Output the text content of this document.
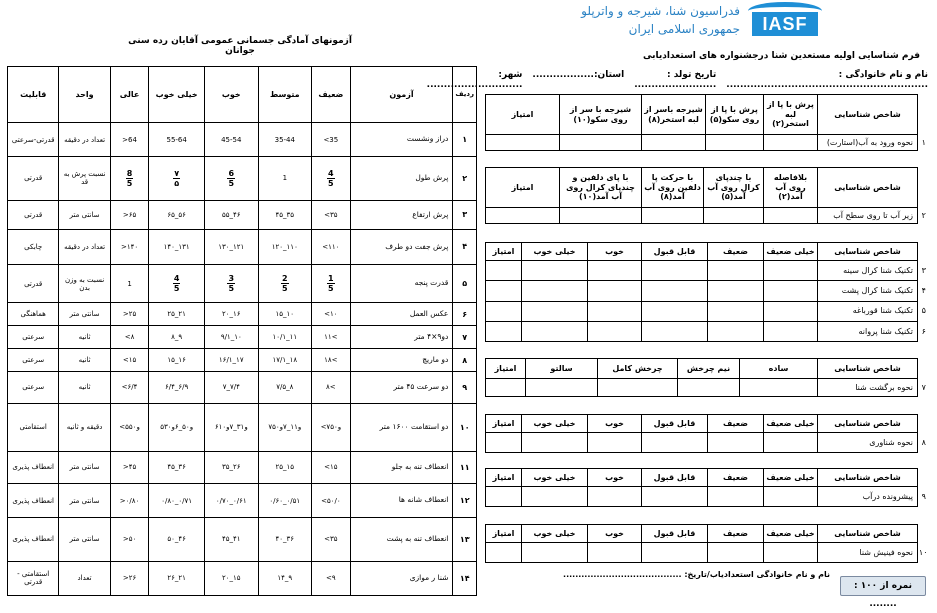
IASF
فدراسیون شنا، شیرجه و واترپلو
جمهوری اسلامی ایران
آزمونهای آمادگی جسمانی عمومی آقایان رده سنی جوانان
قابلیت	واحد	عالی	خیلی خوب	خوب	متوسط	ضعیف	آزمون	ردیف
قدرتی-سرعتی	تعداد در دقیقه	>64	55-64	45-54	35-44	<35	دراز ونشست	۱
قدرتی	نسبت پرش به قد	$\frac{8}{5}$	$\frac{۷}{۵}$	$\frac{6}{5}$	1	$\frac{4}{5}$	پرش طول	۲
قدرتی	سانتی متر	>۶۵	۶۵_۵۶	۵۵_۴۶	۴۵_۳۵	<۳۵	پرش ارتفاع	۳
چابکی	تعداد در دقیقه	>۱۴۰	۱۴۰_۱۳۱	۱۳۰_۱۲۱	۱۲۰_۱۱۰	<۱۱۰	پرش جفت دو طرف	۴
قدرتی	نسبت به وزن بدن	1	$\frac{4}{5}$	$\frac{3}{5}$	$\frac{2}{5}$	$\frac{1}{5}$	قدرت پنجه	۵
هماهنگی	سانتی متر	>۲۵	۲۵_۲۱	۲۰_۱۶	۱۵_۱۰	<۱۰	عکس العمل	۶
سرعتی	ثانیه	<۸	۸_۹	۹/۱_۱۰	۱۰/۱_۱۱	۱۱<	دو۹×۴ متر	۷
سرعتی	ثانیه	<۱۵	۱۵_۱۶	۱۶/۱_۱۷	۱۷/۱_۱۸	۱۸<	دو ماریچ	۸
سرعتی	ثانیه	<۶/۴	۶/۴_۶/۹	۷_۷/۴	۷/۵_۸	۸<	دو سرعت ۴۵ متر	۹
استقامتی	دقیقه و ثانیه	<۵و۵۰	۵و۵۰_۶و۳۰	۶و۳۱_۷و۱۰	۷و۱۱_۷و۵۰	<۷و۵۰	دو استقامت ۱۶۰۰ متر	۱۰
انعطاف پذیری	سانتی متر	>۴۵	۴۵_۳۶	۳۵_۲۶	۲۵_۱۵	<۱۵	انعطاف تنه به جلو	۱۱
انعطاف پذیری	سانتی متر	>۰/۸۰	۰/۸۰_۰/۷۱	۰/۷۰_۰/۶۱	۰/۶۰_۰/۵۱	<۵۰/۰	انعطاف شانه ها	۱۲
انعطاف پذیری	سانتی متر	>۵۰	۵۰_۴۶	۴۵_۴۱	۴۰_۳۶	<۳۵	انعطاف تنه به پشت	۱۳
استقامتی - قدرتی	تعداد	>۲۶	۲۶_۲۱	۲۰_۱۵	۱۴_۹	<۹	شنا ر موازی	۱۴
فرم شناسایی اولیه مستعدین شنا درجشنواره های استعدادیابی
نام و نام خانوادگی : ...........................................................
تاریخ تولد : ........................
استان:..................
شهر: ............................
	شاخص شناسایی	پرش با پا از لبه استخر(۲)	پرش با پا از روی سکو(۵)	شیرجه باسر از لبه استخر(۸)	شیرجه با سر از روی سکو(۱۰)	امتیاز
۱	نحوه ورود به آب(استارت)					
	شاخص شناسایی	بلافاصله روی آب آمد(۲)	با چندپای کرال روی آب آمد(۵)	با حرکت پا دلفین روی آب آمد(۸)	با پای دلفین و چندپای کرال روی آب آمد(۱۰)	امتیاز
۲	زیر آب تا روی سطح آب					
	شاخص شناسایی	خیلی ضعیف	ضعیف	قابل قبول	خوب	خیلی خوب	امتیاز
۳	تکنیک شنا کرال سینه						
۴	تکنیک شنا کرال پشت						
۵	تکنیک شنا قورباغه						
۶	تکنیک شنا پروانه						
	شاخص شناسایی	ساده	نیم چرخش	چرخش کامل	سالتو	امتیاز
۷	نحوه برگشت شنا					
	شاخص شناسایی	خیلی ضعیف	ضعیف	قابل قبول	خوب	خیلی خوب	امتیاز
۸	نحوه شناوری						
	شاخص شناسایی	خیلی ضعیف	ضعیف	قابل قبول	خوب	خیلی خوب	امتیاز
۹	پیشرونده درآب						
	شاخص شناسایی	خیلی ضعیف	ضعیف	قابل قبول	خوب	خیلی خوب	امتیاز
۱۰	نحوه فینیش شنا						
نام و نام خانوادگی استعدادیاب/تاریخ: .......................................
نمره از ۱۰۰ : ........
